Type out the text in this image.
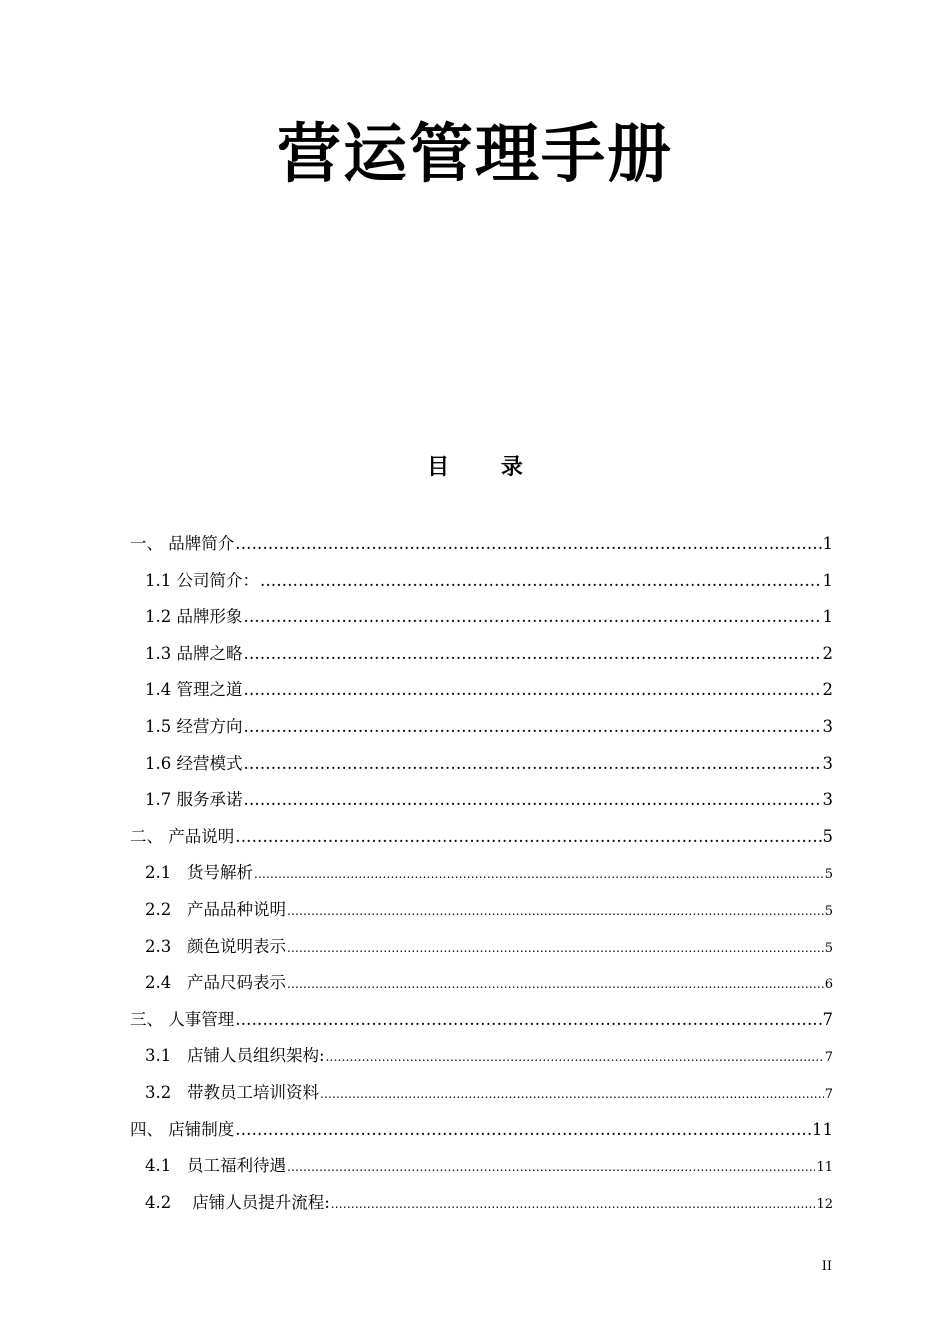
营运管理手册
目 录
一、 品牌简介 .....	1
1.1 公司简介： .....	1
1.2 品牌形象 .....	1
1.3 品牌之略 .....	2
1.4 管理之道 .....	2
1.5 经营方向 .....	3
1.6 经营模式 .....	3
1.7 服务承诺 .....	3
二、 产品说明 .....	5
2.1   货号解析 .....	5
2.2   产品品种说明 .....	5
2.3   颜色说明表示 .....	5
2.4   产品尺码表示 .....	6
三、 人事管理 .....	7
3.1   店铺人员组织架构: .....	7
3.2   带教员工培训资料 .....	7
四、 店铺制度 .....	11
4.1   员工福利待遇 .....	11
4.2    店铺人员提升流程: .....	12
II
